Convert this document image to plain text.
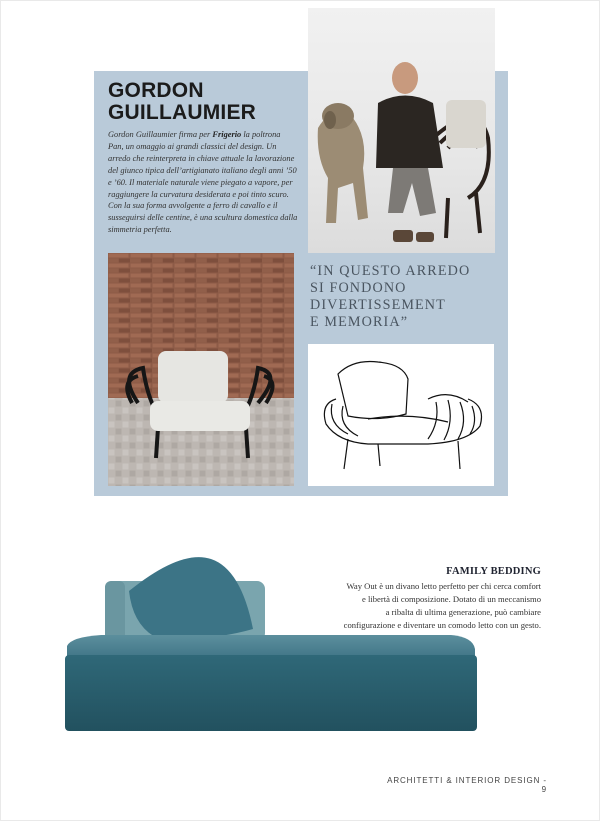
GORDON
GUILLAUMIER
Gordon Guillaumier firma per Frigerio la poltrona Pan, un omaggio ai grandi classici del design. Un arredo che reinterpreta in chiave attuale la lavorazione del giunco tipica dell’artigianato italiano degli anni ’50 e ’60. Il materiale naturale viene piegato a vapore, per raggiungere la curvatura desiderata e poi tinto scuro. Con la sua forma avvolgente a ferro di cavallo e il susseguirsi delle centine, è una scultura domestica dalla simmetria perfetta.
“IN QUESTO ARREDO
SI FONDONO
DIVERTISSEMENT
E MEMORIA”
FAMILY BEDDING
Way Out è un divano letto perfetto per chi cerca comfort
e libertà di composizione. Dotato di un meccanismo
a ribalta di ultima generazione, può cambiare
configurazione e diventare un comodo letto con un gesto.
ARCHITETTI & INTERIOR DESIGN - 9
